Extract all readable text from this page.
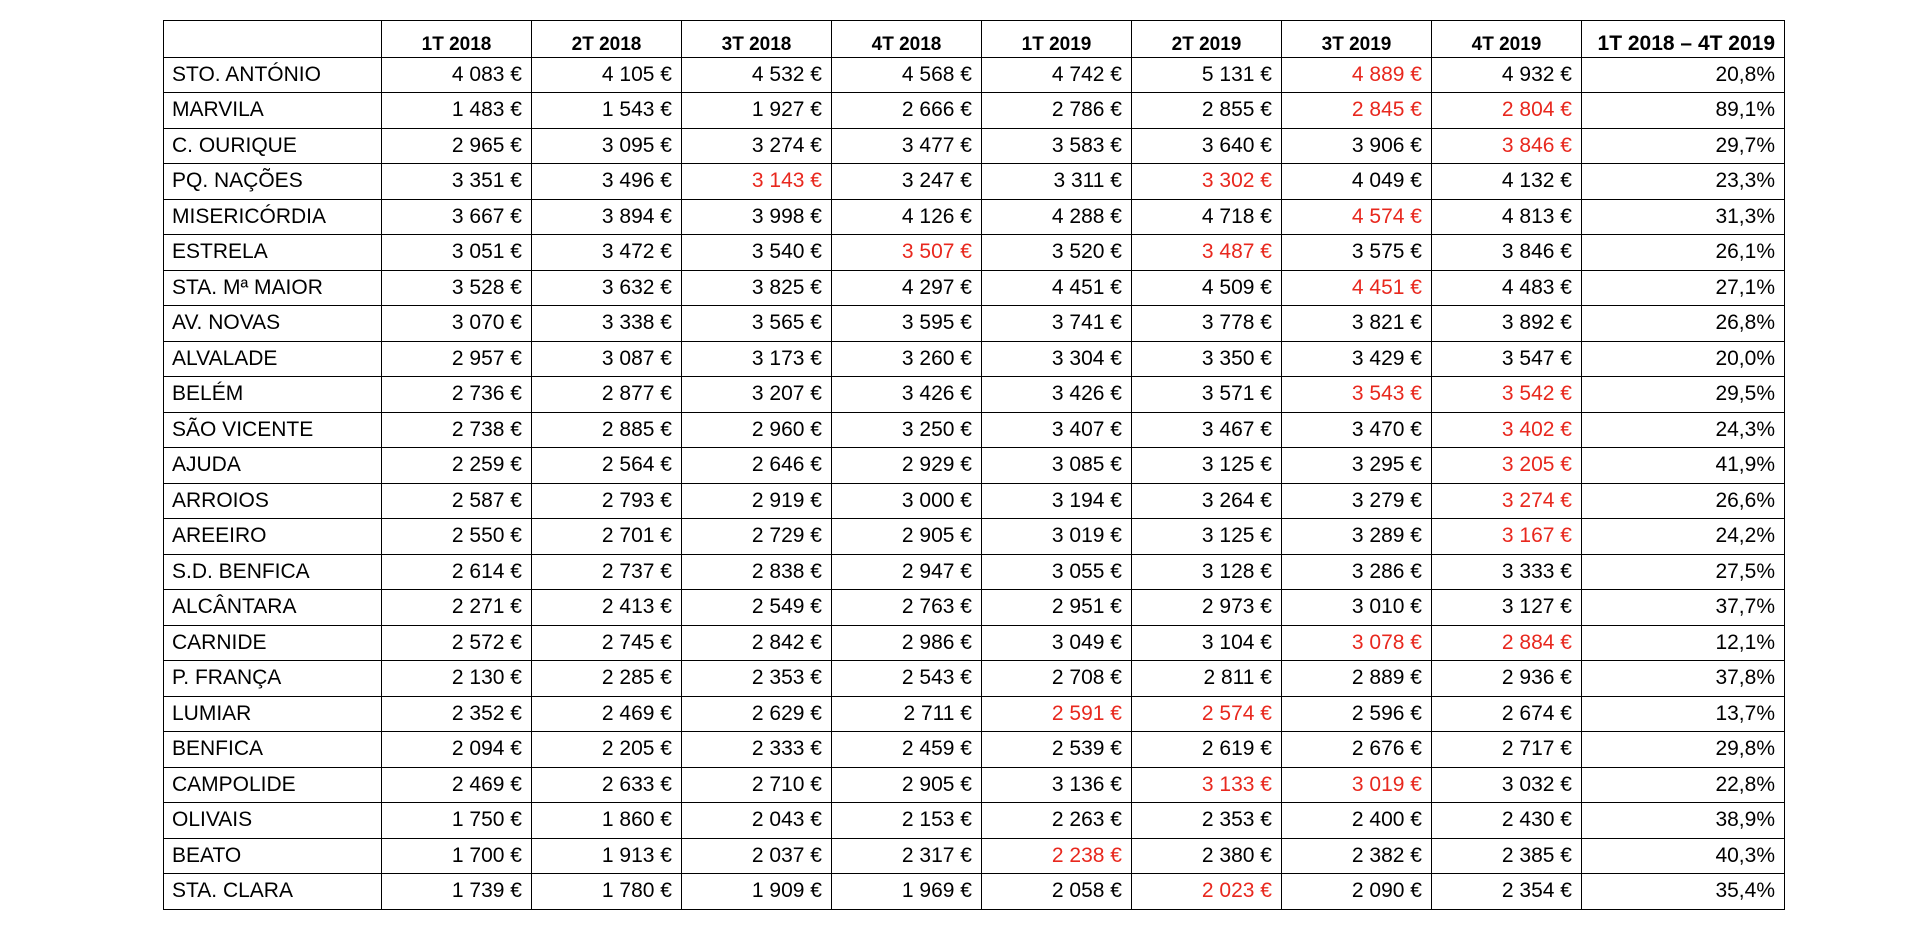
	1T 2018	2T 2018	3T 2018	4T 2018	1T 2019	2T 2019	3T 2019	4T 2019	1T 2018 – 4T 2019
STO. ANTÓNIO	4 083 €	4 105 €	4 532 €	4 568 €	4 742 €	5 131 €	4 889 €	4 932 €	20,8%
MARVILA	1 483 €	1 543 €	1 927 €	2 666 €	2 786 €	2 855 €	2 845 €	2 804 €	89,1%
C. OURIQUE	2 965 €	3 095 €	3 274 €	3 477 €	3 583 €	3 640 €	3 906 €	3 846 €	29,7%
PQ. NAÇÕES	3 351 €	3 496 €	3 143 €	3 247 €	3 311 €	3 302 €	4 049 €	4 132 €	23,3%
MISERICÓRDIA	3 667 €	3 894 €	3 998 €	4 126 €	4 288 €	4 718 €	4 574 €	4 813 €	31,3%
ESTRELA	3 051 €	3 472 €	3 540 €	3 507 €	3 520 €	3 487 €	3 575 €	3 846 €	26,1%
STA. Mª MAIOR	3 528 €	3 632 €	3 825 €	4 297 €	4 451 €	4 509 €	4 451 €	4 483 €	27,1%
AV. NOVAS	3 070 €	3 338 €	3 565 €	3 595 €	3 741 €	3 778 €	3 821 €	3 892 €	26,8%
ALVALADE	2 957 €	3 087 €	3 173 €	3 260 €	3 304 €	3 350 €	3 429 €	3 547 €	20,0%
BELÉM	2 736 €	2 877 €	3 207 €	3 426 €	3 426 €	3 571 €	3 543 €	3 542 €	29,5%
SÃO VICENTE	2 738 €	2 885 €	2 960 €	3 250 €	3 407 €	3 467 €	3 470 €	3 402 €	24,3%
AJUDA	2 259 €	2 564 €	2 646 €	2 929 €	3 085 €	3 125 €	3 295 €	3 205 €	41,9%
ARROIOS	2 587 €	2 793 €	2 919 €	3 000 €	3 194 €	3 264 €	3 279 €	3 274 €	26,6%
AREEIRO	2 550 €	2 701 €	2 729 €	2 905 €	3 019 €	3 125 €	3 289 €	3 167 €	24,2%
S.D. BENFICA	2 614 €	2 737 €	2 838 €	2 947 €	3 055 €	3 128 €	3 286 €	3 333 €	27,5%
ALCÂNTARA	2 271 €	2 413 €	2 549 €	2 763 €	2 951 €	2 973 €	3 010 €	3 127 €	37,7%
CARNIDE	2 572 €	2 745 €	2 842 €	2 986 €	3 049 €	3 104 €	3 078 €	2 884 €	12,1%
P. FRANÇA	2 130 €	2 285 €	2 353 €	2 543 €	2 708 €	2 811 €	2 889 €	2 936 €	37,8%
LUMIAR	2 352 €	2 469 €	2 629 €	2 711 €	2 591 €	2 574 €	2 596 €	2 674 €	13,7%
BENFICA	2 094 €	2 205 €	2 333 €	2 459 €	2 539 €	2 619 €	2 676 €	2 717 €	29,8%
CAMPOLIDE	2 469 €	2 633 €	2 710 €	2 905 €	3 136 €	3 133 €	3 019 €	3 032 €	22,8%
OLIVAIS	1 750 €	1 860 €	2 043 €	2 153 €	2 263 €	2 353 €	2 400 €	2 430 €	38,9%
BEATO	1 700 €	1 913 €	2 037 €	2 317 €	2 238 €	2 380 €	2 382 €	2 385 €	40,3%
STA. CLARA	1 739 €	1 780 €	1 909 €	1 969 €	2 058 €	2 023 €	2 090 €	2 354 €	35,4%
